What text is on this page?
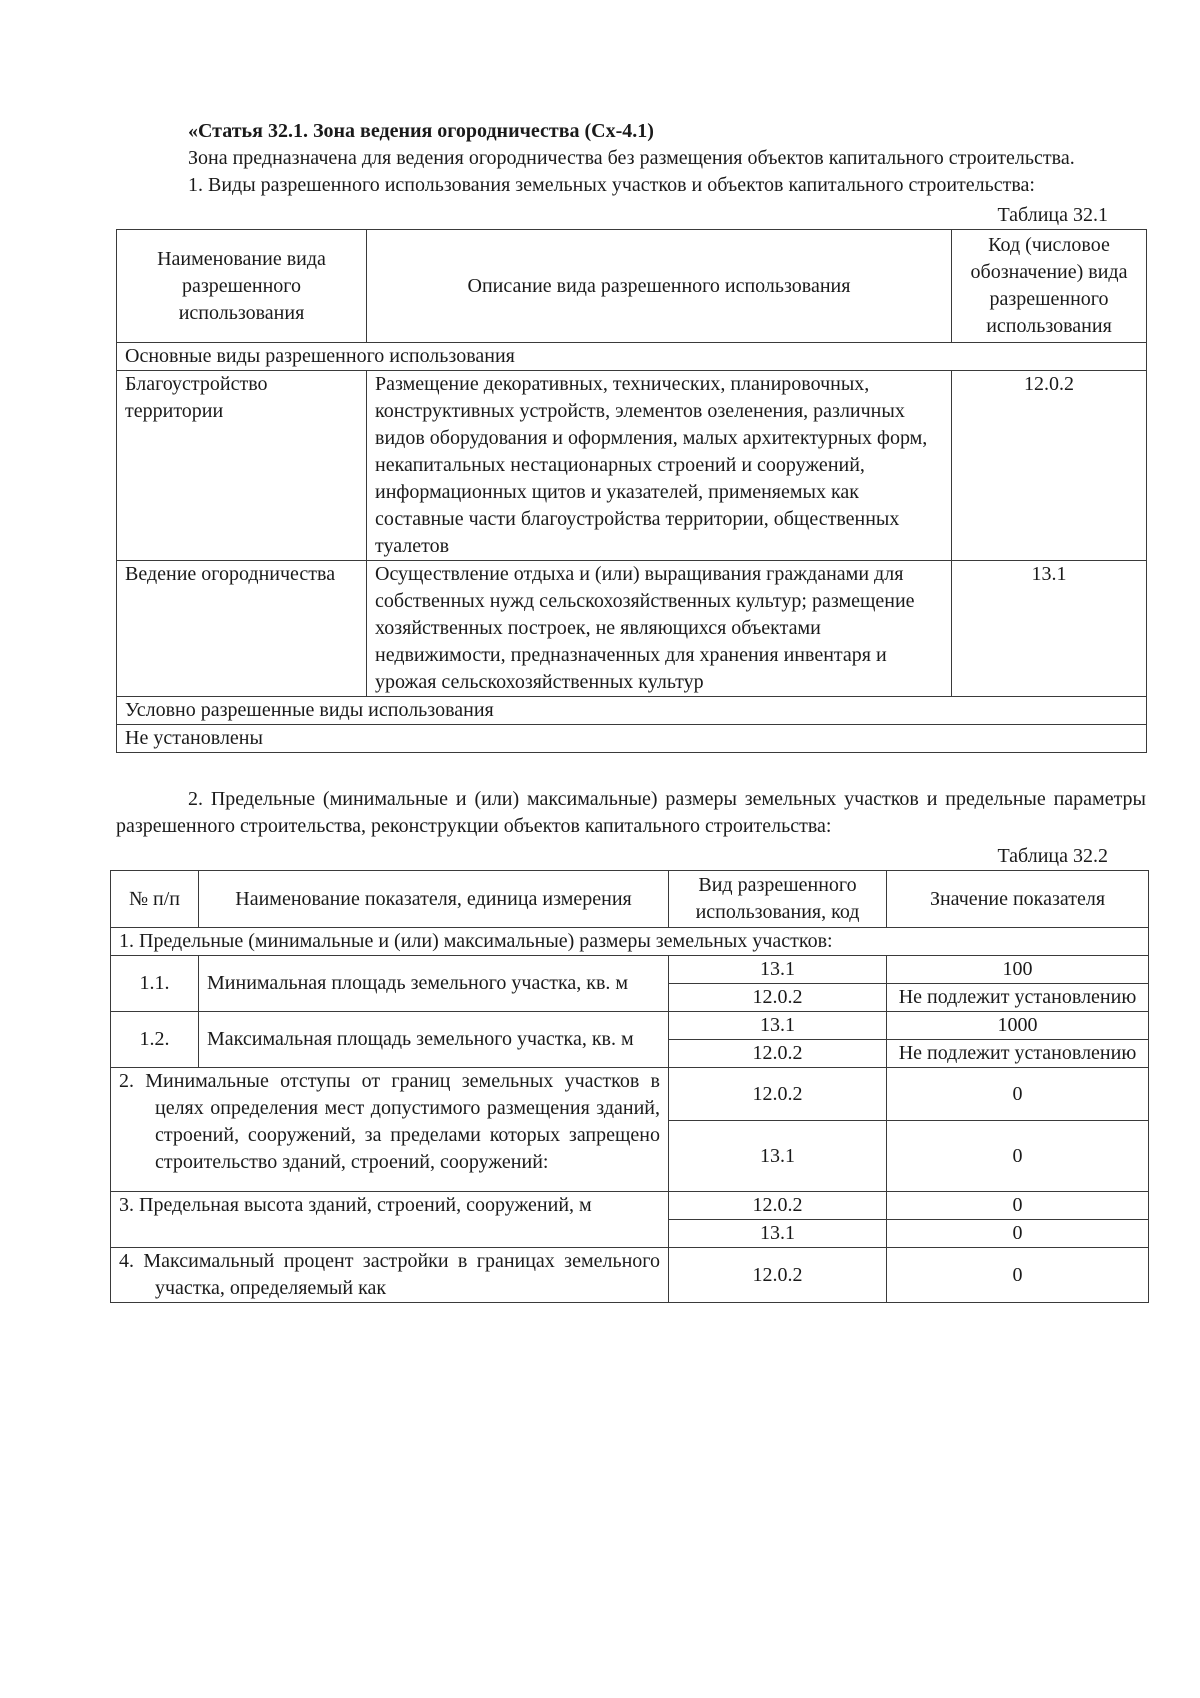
«Статья 32.1. Зона ведения огородничества (Сх-4.1)

Зона предназначена для ведения огородничества без размещения объектов капитального строительства.

1. Виды разрешенного использования земельных участков и объектов капитального строительства:

Таблица 32.1
Наименование вида разрешенного использования	Описание вида разрешенного использования	Код (числовое обозначение) вида разрешенного использования
Основные виды разрешенного использования		
Благоустройство территории	Размещение декоративных, технических, планировочных, конструктивных устройств, элементов озеленения, различных видов оборудования и оформления, малых архитектурных форм, некапитальных нестационарных строений и сооружений, информационных щитов и указателей, применяемых как составные части благоустройства территории, общественных туалетов	12.0.2
Ведение огородничества	Осуществление отдыха и (или) выращивания гражданами для собственных нужд сельскохозяйственных культур; размещение хозяйственных построек, не являющихся объектами недвижимости, предназначенных для хранения инвентаря и урожая сельскохозяйственных культур	13.1
Условно разрешенные виды использования		
Не установлены		

2. Предельные (минимальные и (или) максимальные) размеры земельных участков и предельные параметры разрешенного строительства, реконструкции объектов капитального строительства:

Таблица 32.2
№ п/п	Наименование показателя, единица измерения	Вид разрешенного использования, код	Значение показателя
1. Предельные (минимальные и (или) максимальные) размеры земельных участков:			
1.1.	Минимальная площадь земельного участка, кв. м	13.1	100
		12.0.2	Не подлежит установлению
1.2.	Максимальная площадь земельного участка, кв. м	13.1	1000
		12.0.2	Не подлежит установлению
2. Минимальные отступы от границ земельных участков в целях определения мест допустимого размещения зданий, строений, сооружений, за пределами которых запрещено строительство зданий, строений, сооружений:		12.0.2	0
		13.1	0
3. Предельная высота зданий, строений, сооружений, м		12.0.2	0
		13.1	0
4. Максимальный процент застройки в границах земельного участка, определяемый как		12.0.2	0
